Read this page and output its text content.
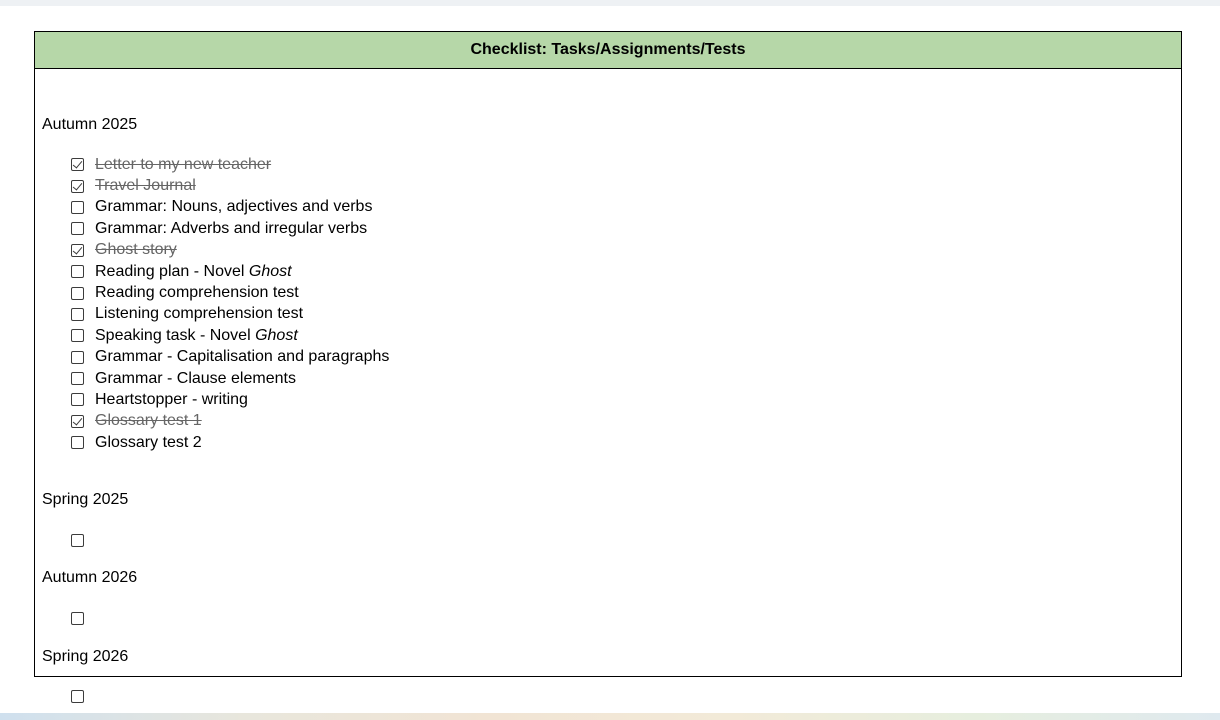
Checklist: Tasks/Assignments/Tests
Autumn 2025
Letter to my new teacher
Travel Journal
Grammar: Nouns, adjectives and verbs
Grammar: Adverbs and irregular verbs
Ghost story
Reading plan - Novel Ghost
Reading comprehension test
Listening comprehension test
Speaking task - Novel Ghost
Grammar - Capitalisation and paragraphs
Grammar - Clause elements
Heartstopper - writing
Glossary test 1
Glossary test 2
Spring 2025
Autumn 2026
Spring 2026
